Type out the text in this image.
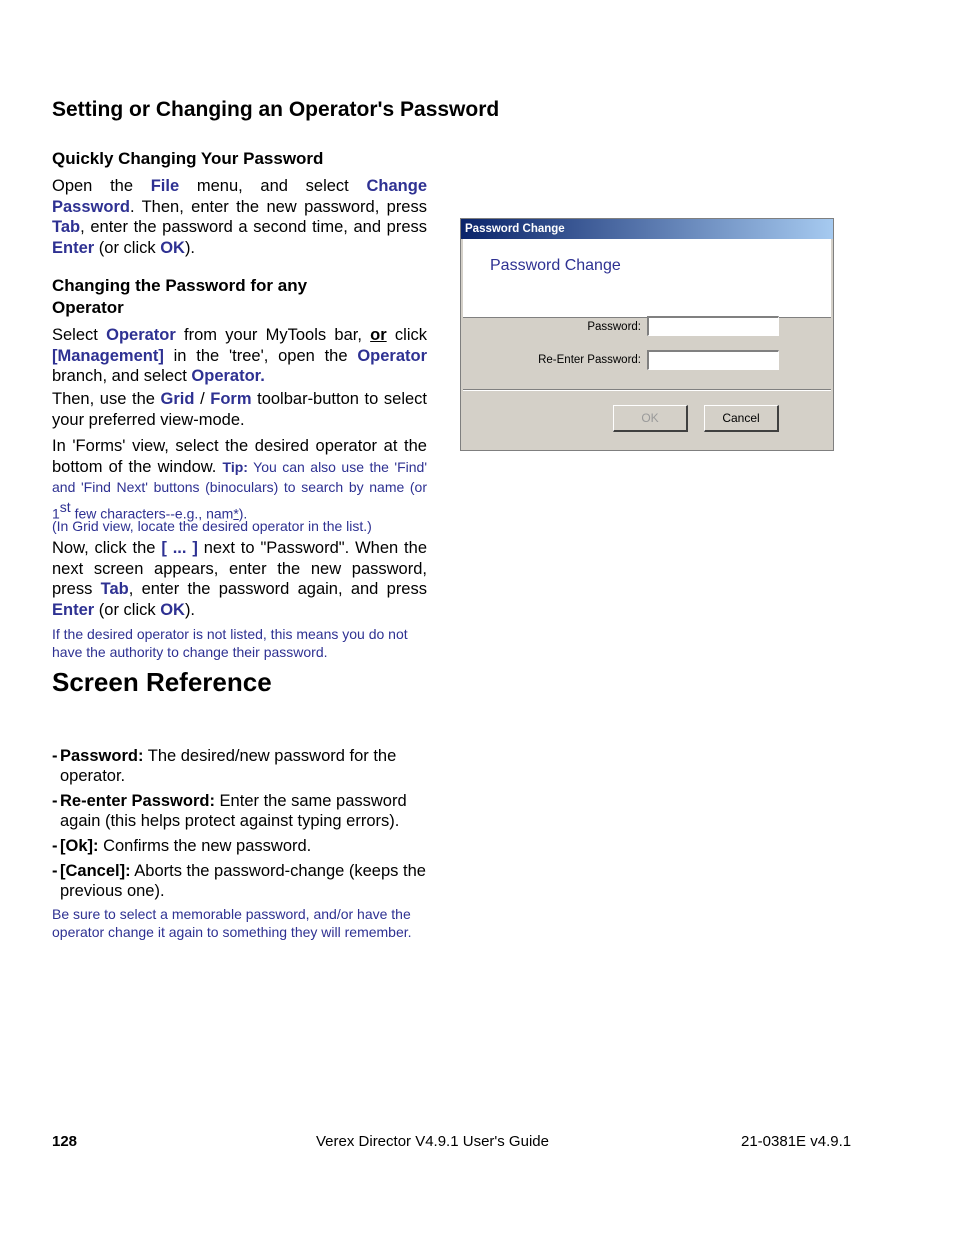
Setting or Changing an Operator's Password
Quickly Changing Your Password
Open the File menu, and select Change Password. Then, enter the new password, press Tab, enter the password a second time, and press Enter (or click OK).
Changing the Password for any
Operator
Select Operator from your MyTools bar, or click [Management] in the 'tree', open the Operator branch, and select Operator.
Then, use the Grid / Form toolbar-button to select your preferred view-mode.
In 'Forms' view, select the desired operator at the bottom of the window. Tip: You can also use the 'Find' and 'Find Next' buttons (binoculars) to search by name (or 1st few characters--e.g., nam*).
(In Grid view, locate the desired operator in the list.)
Now, click the [ ... ] next to "Password". When the next screen appears, enter the new password, press Tab, enter the password again, and press Enter (or click OK).
If the desired operator is not listed, this means you do not have the authority to change their password.
Screen Reference
- Password: The desired/new password for the operator.
- Re-enter Password: Enter the same password again (this helps protect against typing errors).
- [Ok]: Confirms the new password.
- [Cancel]: Aborts the password-change (keeps the previous one).
Be sure to select a memorable password, and/or have the operator change it again to something they will remember.
Password Change
Password Change
Password:
Re-Enter Password:
OK	Cancel
128	Verex Director V4.9.1 User's Guide	21-0381E v4.9.1
